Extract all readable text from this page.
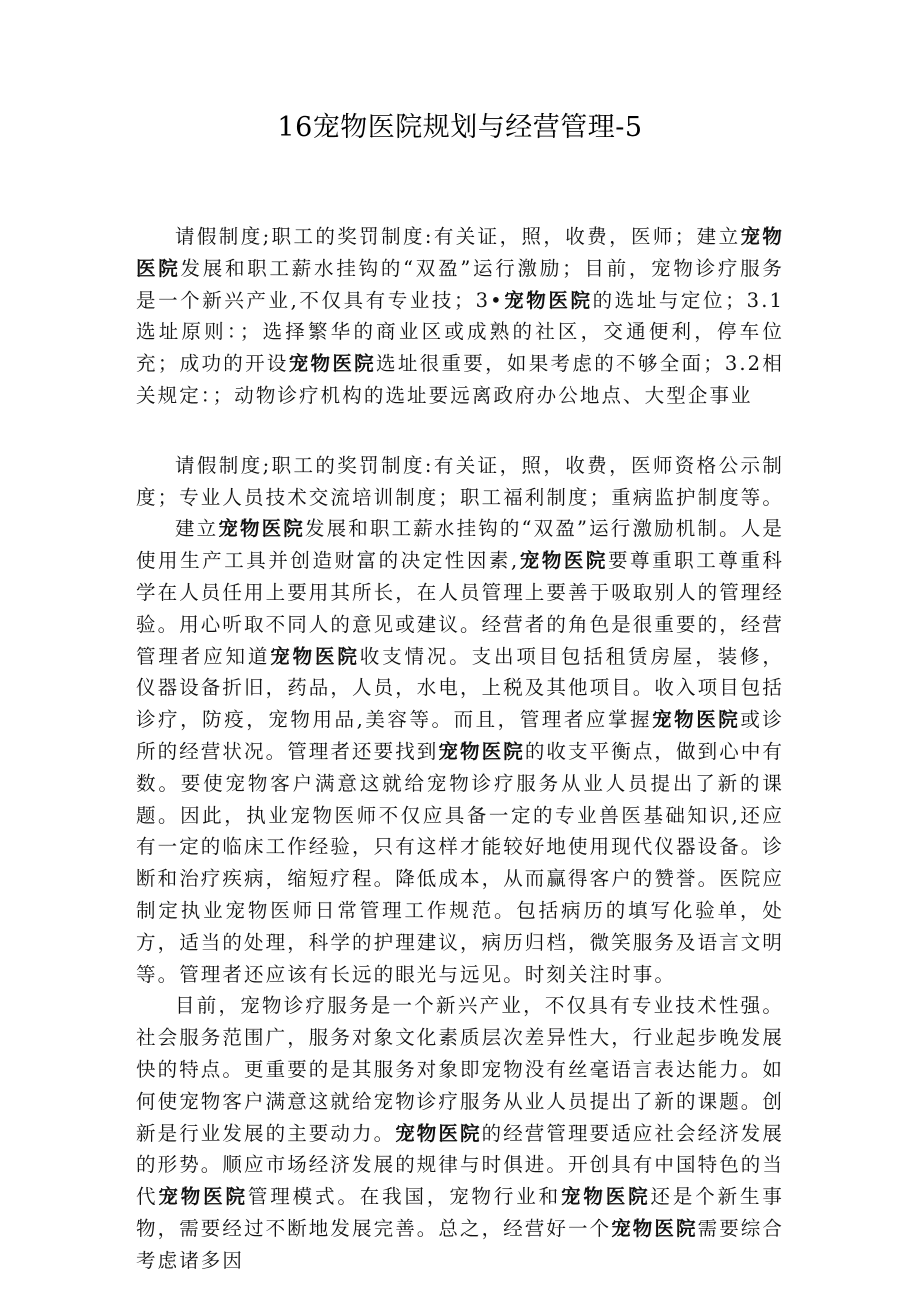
16宠物医院规划与经营管理-5

请假制度;职工的奖罚制度:有关证，照，收费，医师；建立宠物医院发展和职工薪水挂钩的“双盈”运行激励；目前，宠物诊疗服务是一个新兴产业,不仅具有专业技；3•宠物医院的选址与定位；3.1选址原则：；选择繁华的商业区或成熟的社区，交通便利，停车位充；成功的开设宠物医院选址很重要，如果考虑的不够全面；3.2相关规定：；动物诊疗机构的选址要远离政府办公地点、大型企事业

请假制度;职工的奖罚制度:有关证，照，收费，医师资格公示制度；专业人员技术交流培训制度；职工福利制度；重病监护制度等。

建立宠物医院发展和职工薪水挂钩的“双盈”运行激励机制。人是使用生产工具并创造财富的决定性因素,宠物医院要尊重职工尊重科学在人员任用上要用其所长，在人员管理上要善于吸取别人的管理经验。用心听取不同人的意见或建议。经营者的角色是很重要的，经营管理者应知道宠物医院收支情况。支出项目包括租赁房屋，装修，仪器设备折旧，药品，人员，水电，上税及其他项目。收入项目包括诊疗，防疫，宠物用品,美容等。而且，管理者应掌握宠物医院或诊所的经营状况。管理者还要找到宠物医院的收支平衡点，做到心中有数。要使宠物客户满意这就给宠物诊疗服务从业人员提出了新的课题。因此，执业宠物医师不仅应具备一定的专业兽医基础知识,还应有一定的临床工作经验，只有这样才能较好地使用现代仪器设备。诊断和治疗疾病，缩短疗程。降低成本，从而赢得客户的赞誉。医院应制定执业宠物医师日常管理工作规范。包括病历的填写化验单，处方，适当的处理，科学的护理建议，病历归档，微笑服务及语言文明等。管理者还应该有长远的眼光与远见。时刻关注时事。

目前，宠物诊疗服务是一个新兴产业，不仅具有专业技术性强。社会服务范围广，服务对象文化素质层次差异性大，行业起步晚发展快的特点。更重要的是其服务对象即宠物没有丝毫语言表达能力。如何使宠物客户满意这就给宠物诊疗服务从业人员提出了新的课题。创新是行业发展的主要动力。宠物医院的经营管理要适应社会经济发展的形势。顺应市场经济发展的规律与时俱进。开创具有中国特色的当代宠物医院管理模式。在我国，宠物行业和宠物医院还是个新生事物，需要经过不断地发展完善。总之，经营好一个宠物医院需要综合考虑诸多因
